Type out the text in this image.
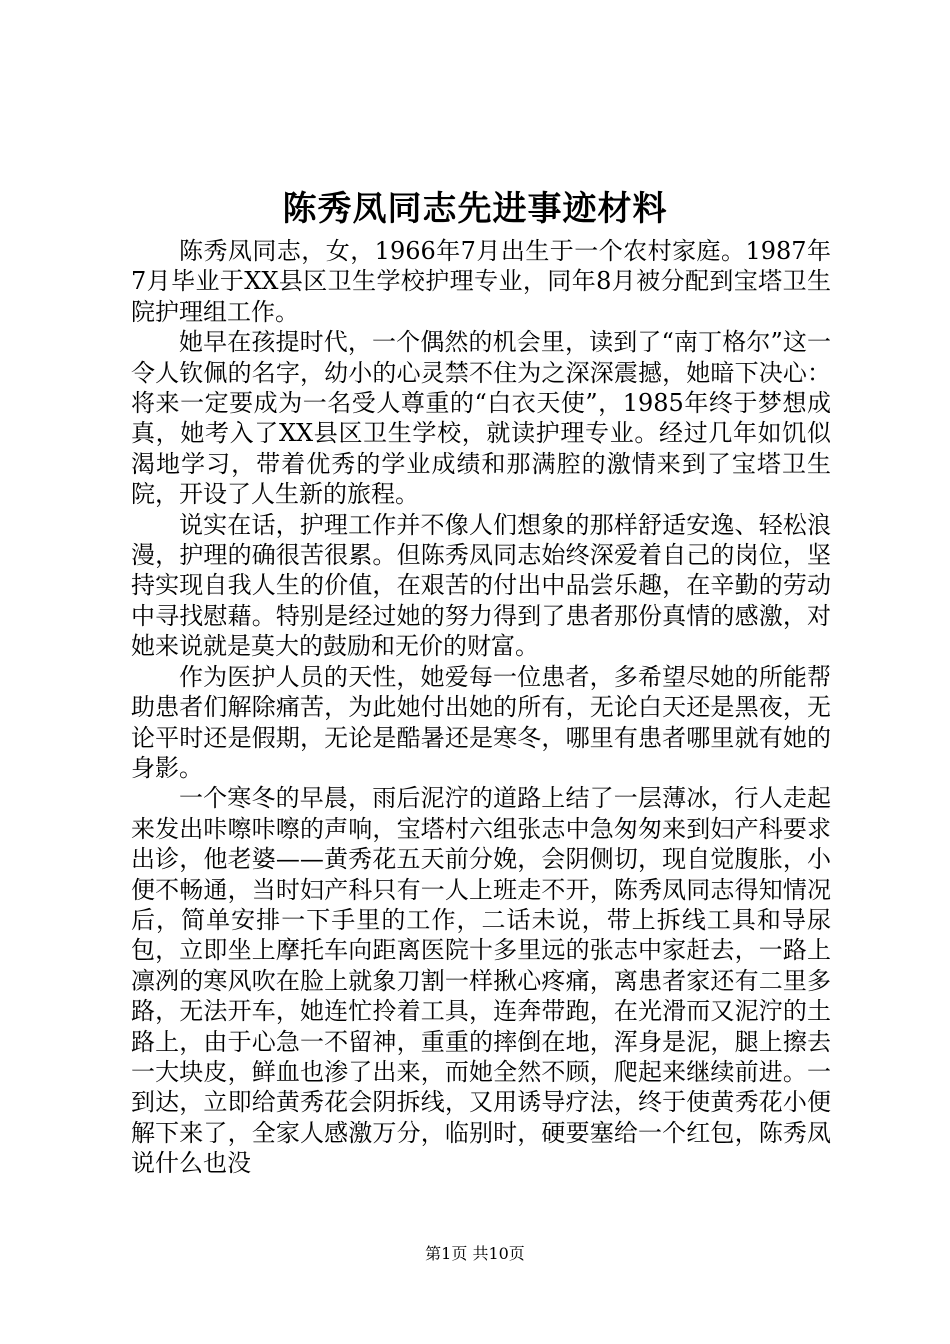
陈秀凤同志先进事迹材料

陈秀凤同志，女，1966年7月出生于一个农村家庭。1987年7月毕业于XX县区卫生学校护理专业，同年8月被分配到宝塔卫生院护理组工作。

她早在孩提时代，一个偶然的机会里，读到了“南丁格尔”这一令人钦佩的名字，幼小的心灵禁不住为之深深震撼，她暗下决心：将来一定要成为一名受人尊重的“白衣天使”，1985年终于梦想成真，她考入了XX县区卫生学校，就读护理专业。经过几年如饥似渴地学习，带着优秀的学业成绩和那满腔的激情来到了宝塔卫生院，开设了人生新的旅程。

说实在话，护理工作并不像人们想象的那样舒适安逸、轻松浪漫，护理的确很苦很累。但陈秀凤同志始终深爱着自己的岗位，坚持实现自我人生的价值，在艰苦的付出中品尝乐趣，在辛勤的劳动中寻找慰藉。特别是经过她的努力得到了患者那份真情的感激，对她来说就是莫大的鼓励和无价的财富。

作为医护人员的天性，她爱每一位患者，多希望尽她的所能帮助患者们解除痛苦，为此她付出她的所有，无论白天还是黑夜，无论平时还是假期，无论是酷暑还是寒冬，哪里有患者哪里就有她的身影。

一个寒冬的早晨，雨后泥泞的道路上结了一层薄冰，行人走起来发出咔嚓咔嚓的声响，宝塔村六组张志中急匆匆来到妇产科要求出诊，他老婆——黄秀花五天前分娩，会阴侧切，现自觉腹胀，小便不畅通，当时妇产科只有一人上班走不开，陈秀凤同志得知情况后，简单安排一下手里的工作，二话未说，带上拆线工具和导尿包，立即坐上摩托车向距离医院十多里远的张志中家赶去，一路上凛冽的寒风吹在脸上就象刀割一样揪心疼痛，离患者家还有二里多路，无法开车，她连忙拎着工具，连奔带跑，在光滑而又泥泞的土路上，由于心急一不留神，重重的摔倒在地，浑身是泥，腿上擦去一大块皮，鲜血也渗了出来，而她全然不顾，爬起来继续前进。一到达，立即给黄秀花会阴拆线，又用诱导疗法，终于使黄秀花小便解下来了，全家人感激万分，临别时，硬要塞给一个红包，陈秀凤说什么也没

第1页 共10页
